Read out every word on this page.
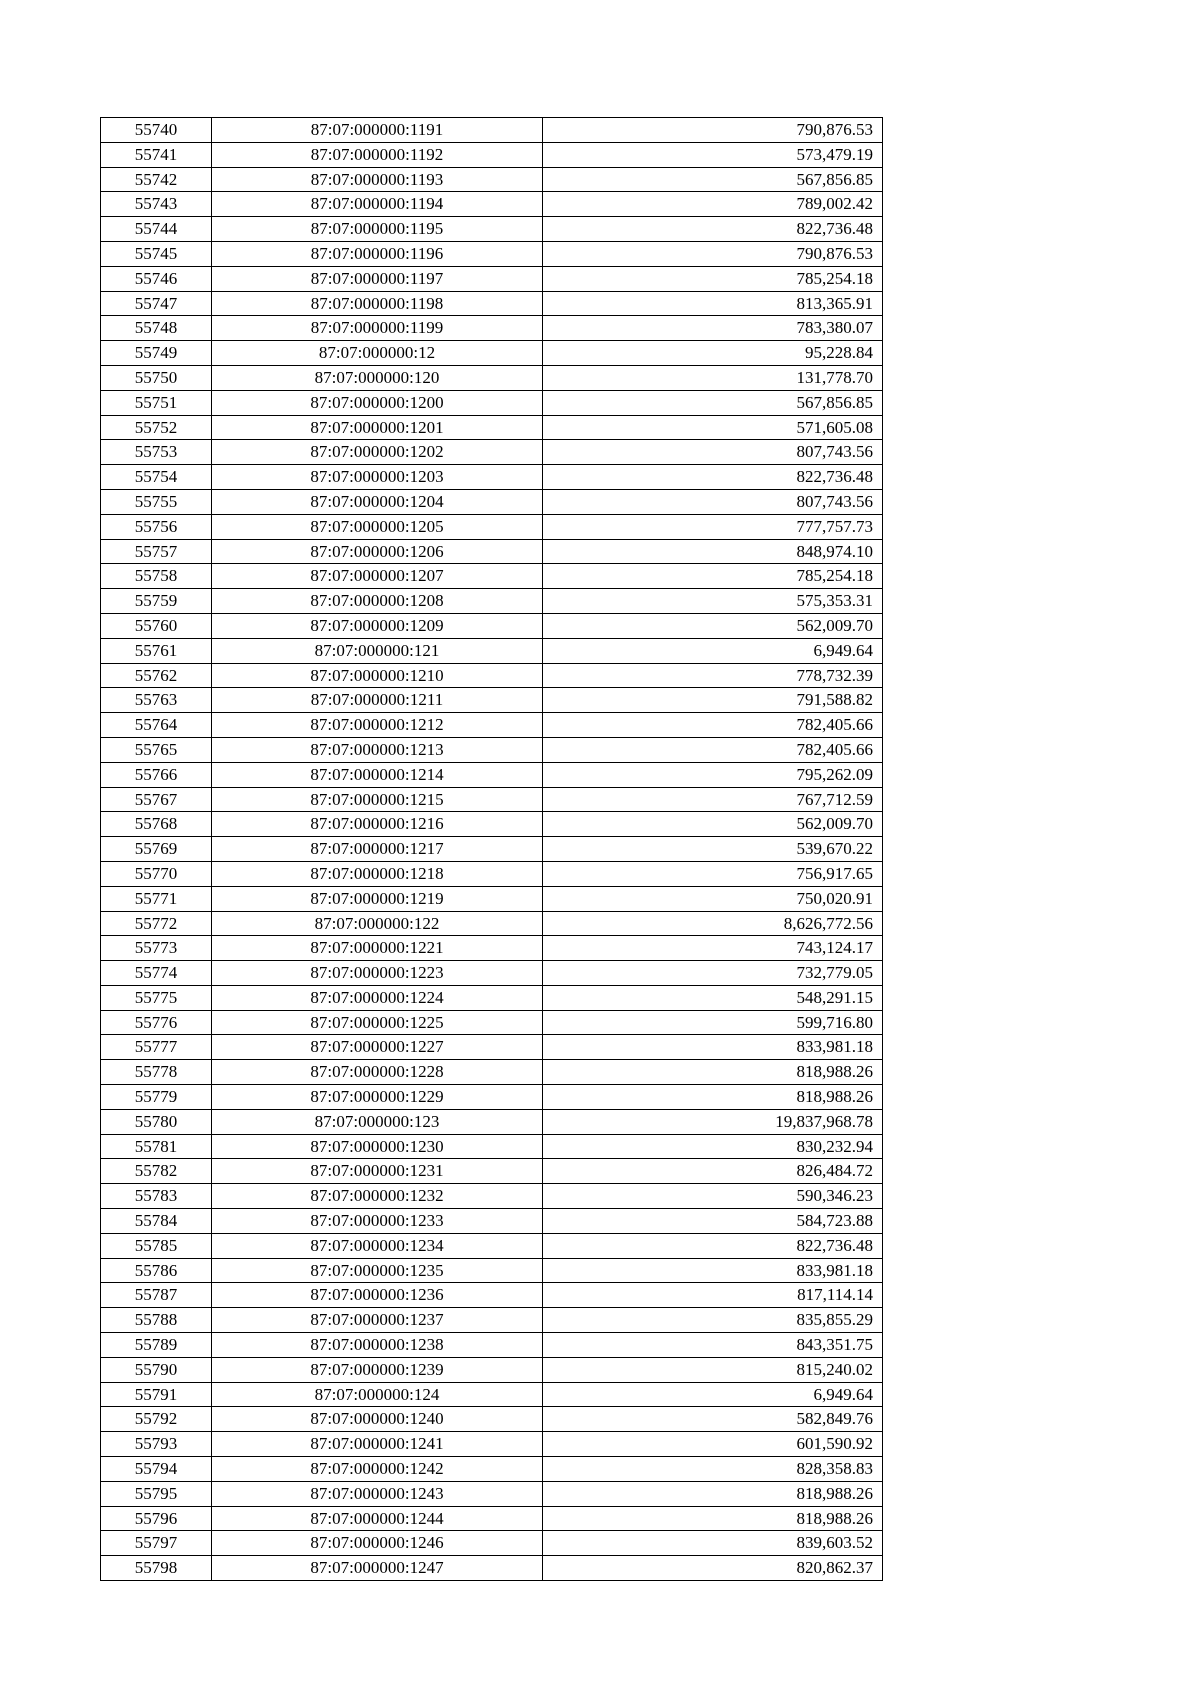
55740	87:07:000000:1191	790,876.53
55741	87:07:000000:1192	573,479.19
55742	87:07:000000:1193	567,856.85
55743	87:07:000000:1194	789,002.42
55744	87:07:000000:1195	822,736.48
55745	87:07:000000:1196	790,876.53
55746	87:07:000000:1197	785,254.18
55747	87:07:000000:1198	813,365.91
55748	87:07:000000:1199	783,380.07
55749	87:07:000000:12	95,228.84
55750	87:07:000000:120	131,778.70
55751	87:07:000000:1200	567,856.85
55752	87:07:000000:1201	571,605.08
55753	87:07:000000:1202	807,743.56
55754	87:07:000000:1203	822,736.48
55755	87:07:000000:1204	807,743.56
55756	87:07:000000:1205	777,757.73
55757	87:07:000000:1206	848,974.10
55758	87:07:000000:1207	785,254.18
55759	87:07:000000:1208	575,353.31
55760	87:07:000000:1209	562,009.70
55761	87:07:000000:121	6,949.64
55762	87:07:000000:1210	778,732.39
55763	87:07:000000:1211	791,588.82
55764	87:07:000000:1212	782,405.66
55765	87:07:000000:1213	782,405.66
55766	87:07:000000:1214	795,262.09
55767	87:07:000000:1215	767,712.59
55768	87:07:000000:1216	562,009.70
55769	87:07:000000:1217	539,670.22
55770	87:07:000000:1218	756,917.65
55771	87:07:000000:1219	750,020.91
55772	87:07:000000:122	8,626,772.56
55773	87:07:000000:1221	743,124.17
55774	87:07:000000:1223	732,779.05
55775	87:07:000000:1224	548,291.15
55776	87:07:000000:1225	599,716.80
55777	87:07:000000:1227	833,981.18
55778	87:07:000000:1228	818,988.26
55779	87:07:000000:1229	818,988.26
55780	87:07:000000:123	19,837,968.78
55781	87:07:000000:1230	830,232.94
55782	87:07:000000:1231	826,484.72
55783	87:07:000000:1232	590,346.23
55784	87:07:000000:1233	584,723.88
55785	87:07:000000:1234	822,736.48
55786	87:07:000000:1235	833,981.18
55787	87:07:000000:1236	817,114.14
55788	87:07:000000:1237	835,855.29
55789	87:07:000000:1238	843,351.75
55790	87:07:000000:1239	815,240.02
55791	87:07:000000:124	6,949.64
55792	87:07:000000:1240	582,849.76
55793	87:07:000000:1241	601,590.92
55794	87:07:000000:1242	828,358.83
55795	87:07:000000:1243	818,988.26
55796	87:07:000000:1244	818,988.26
55797	87:07:000000:1246	839,603.52
55798	87:07:000000:1247	820,862.37
